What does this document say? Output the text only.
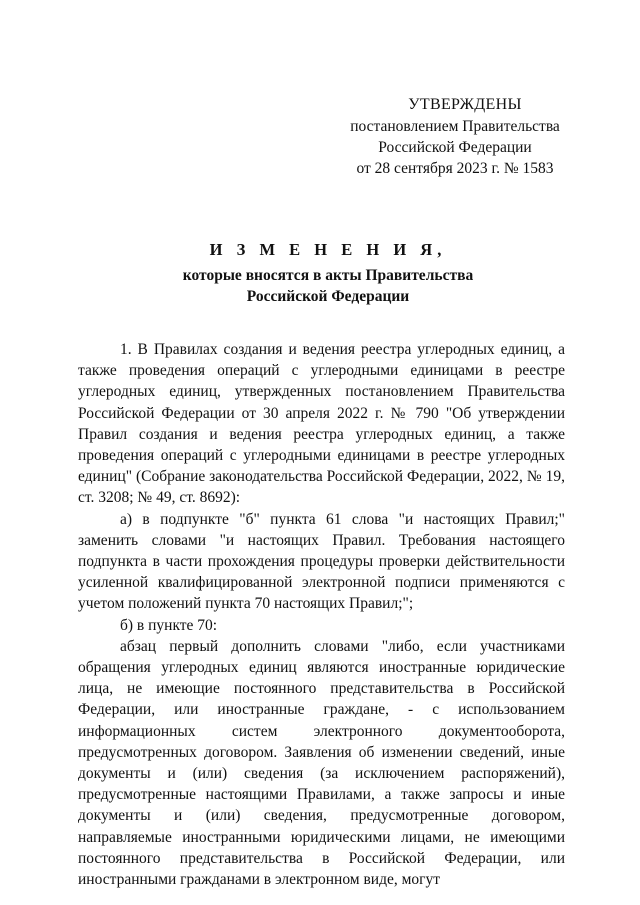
УТВЕРЖДЕНЫ
постановлением Правительства
Российской Федерации
от 28 сентября 2023 г. № 1583
И З М Е Н Е Н И Я,
которые вносятся в акты Правительства
Российской Федерации

1. В Правилах создания и ведения реестра углеродных единиц, а также проведения операций с углеродными единицами в реестре углеродных единиц, утвержденных постановлением Правительства Российской Федерации от 30 апреля 2022 г. № 790 "Об утверждении Правил создания и ведения реестра углеродных единиц, а также проведения операций с углеродными единицами в реестре углеродных единиц" (Собрание законодательства Российской Федерации, 2022, № 19, ст. 3208; № 49, ст. 8692):

а) в подпункте "б" пункта 61 слова "и настоящих Правил;" заменить словами "и настоящих Правил. Требования настоящего подпункта в части прохождения процедуры проверки действительности усиленной квалифицированной электронной подписи применяются с учетом положений пункта 70 настоящих Правил;";

б) в пункте 70:

абзац первый дополнить словами "либо, если участниками обращения углеродных единиц являются иностранные юридические лица, не имеющие постоянного представительства в Российской Федерации, или иностранные граждане, - с использованием информационных систем электронного документооборота, предусмотренных договором. Заявления об изменении сведений, иные документы и (или) сведения (за исключением распоряжений), предусмотренные настоящими Правилами, а также запросы и иные документы и (или) сведения, предусмотренные договором, направляемые иностранными юридическими лицами, не имеющими постоянного представительства в Российской Федерации, или иностранными гражданами в электронном виде, могут
